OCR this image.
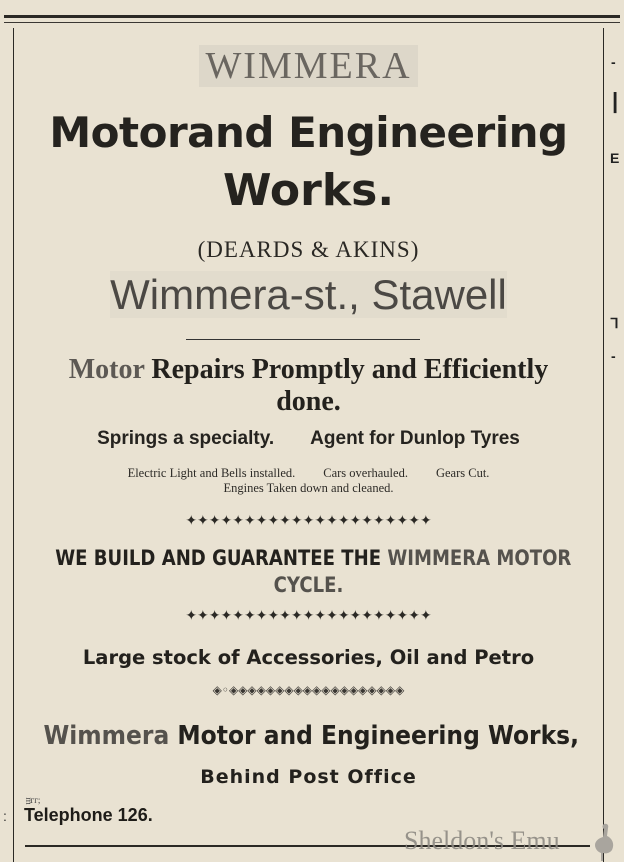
-
|
E
ᒣ
-
WIMMERA
Motorand Engineering
Works.
(DEARDS & AKINS)
Wimmera-st., Stawell
Motor Repairs Promptly and Efficiently
done.
Springs a specialty. Agent for Dunlop Tyres
Electric Light and Bells installed. Cars overhauled. Gears Cut.
Engines Taken down and cleaned.
✦✦✦✦✦✦✦✦✦✦✦✦✦✦✦✦✦✦✦✦✦
WE BUILD AND GUARANTEE THE WIMMERA MOTOR
CYCLE.
✦✦✦✦✦✦✦✦✦✦✦✦✦✦✦✦✦✦✦✦✦
Large stock of Accessories, Oil and Petro
◈◦◈◈◈◈◈◈◈◈◈◈◈◈◈◈◈◈◈◈◈
Wimmera Motor and Engineering Works,
Behind Post Office
ᴟᴦᴦ;
: Telephone 126.
Sheldon's Emu
